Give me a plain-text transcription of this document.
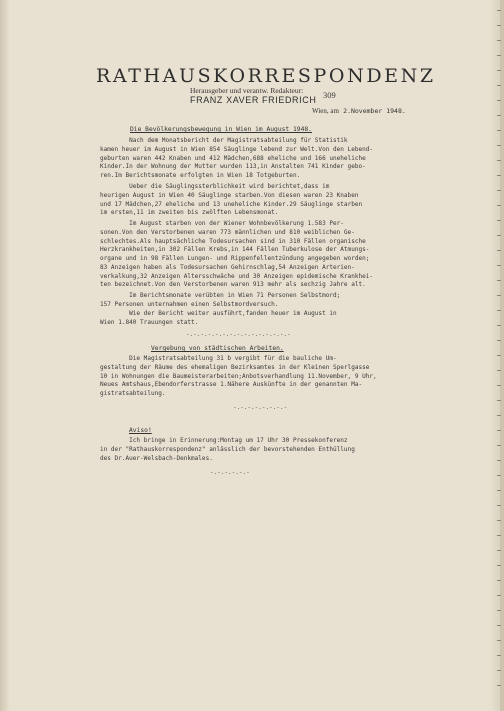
RATHAUSKORRESPONDENZ
Herausgeber und verantw. Redakteur: 309
FRANZ XAVER FRIEDRICH
Wien, am 2.November 1948.
Die Bevölkerungsbewegung in Wien im August 1948.
Nach dem Monatsbericht der Magistratsabteilung für Statistik
kamen heuer im August in Wien 854 Säuglinge lebend zur Welt.Von den Lebend-
geburten waren 442 Knaben und 412 Mädchen,688 eheliche und 166 uneheliche
Kinder.In der Wohnung der Mutter wurden 113,in Anstalten 741 Kinder gebo-
ren.Im Berichtsmonate erfolgten in Wien 18 Totgeburten.
Ueber die Säuglingssterblichkeit wird berichtet,dass im
heurigen August in Wien 40 Säuglinge starben.Von diesen waren 23 Knaben
und 17 Mädchen,27 eheliche und 13 uneheliche Kinder.29 Säuglinge starben
im ersten,11 im zweiten bis zwölften Lebensmonat.
Im August starben von der Wiener Wohnbevölkerung 1.583 Per-
sonen.Von den Verstorbenen waren 773 männlichen und 810 weiblichen Ge-
schlechtes.Als hauptsächliche Todesursachen sind in 310 Fällen organische
Herzkrankheiten,in 302 Fällen Krebs,in 144 Fällen Tuberkulose der Atmungs-
organe und in 98 Fällen Lungen- und Rippenfellentzündung angegeben worden;
83 Anzeigen haben als Todesursachen Gehirnschlag,54 Anzeigen Arterien-
verkalkung,32 Anzeigen Altersschwäche und 30 Anzeigen epidemische Krankhei-
ten bezeichnet.Von den Verstorbenen waren 913 mehr als sechzig Jahre alt.
Im Berichtsmonate verübten in Wien 71 Personen Selbstmord;
157 Personen unternahmen einen Selbstmordversuch.
Wie der Bericht weiter ausführt,fanden heuer im August in
Wien 1.840 Trauungen statt.
-.-.-.-.-.-.-.-.-.-.-.-.-.-.-
Vergebung von städtischen Arbeiten.
Die Magistratsabteilung 31 b vergibt für die bauliche Um-
gestaltung der Räume des ehemaligen Bezirksamtes in der Kleinen Sperlgasse
10 in Wohnungen die Baumeisterarbeiten;Anbotsverhandlung 11.November, 9 Uhr,
Neues Amtshaus,Ebendorferstrasse 1.Nähere Auskünfte in der genannten Ma-
gistratsabteilung.
-.-.-.-.-.-.-.-
Aviso!
Ich bringe in Erinnerung:Montag um 17 Uhr 30 Pressekonferenz
in der "Rathauskorrespondenz" anlässlich der bevorstehenden Enthüllung
des Dr.Auer-Welsbach-Denkmales.
-.-.-.-.-.-
